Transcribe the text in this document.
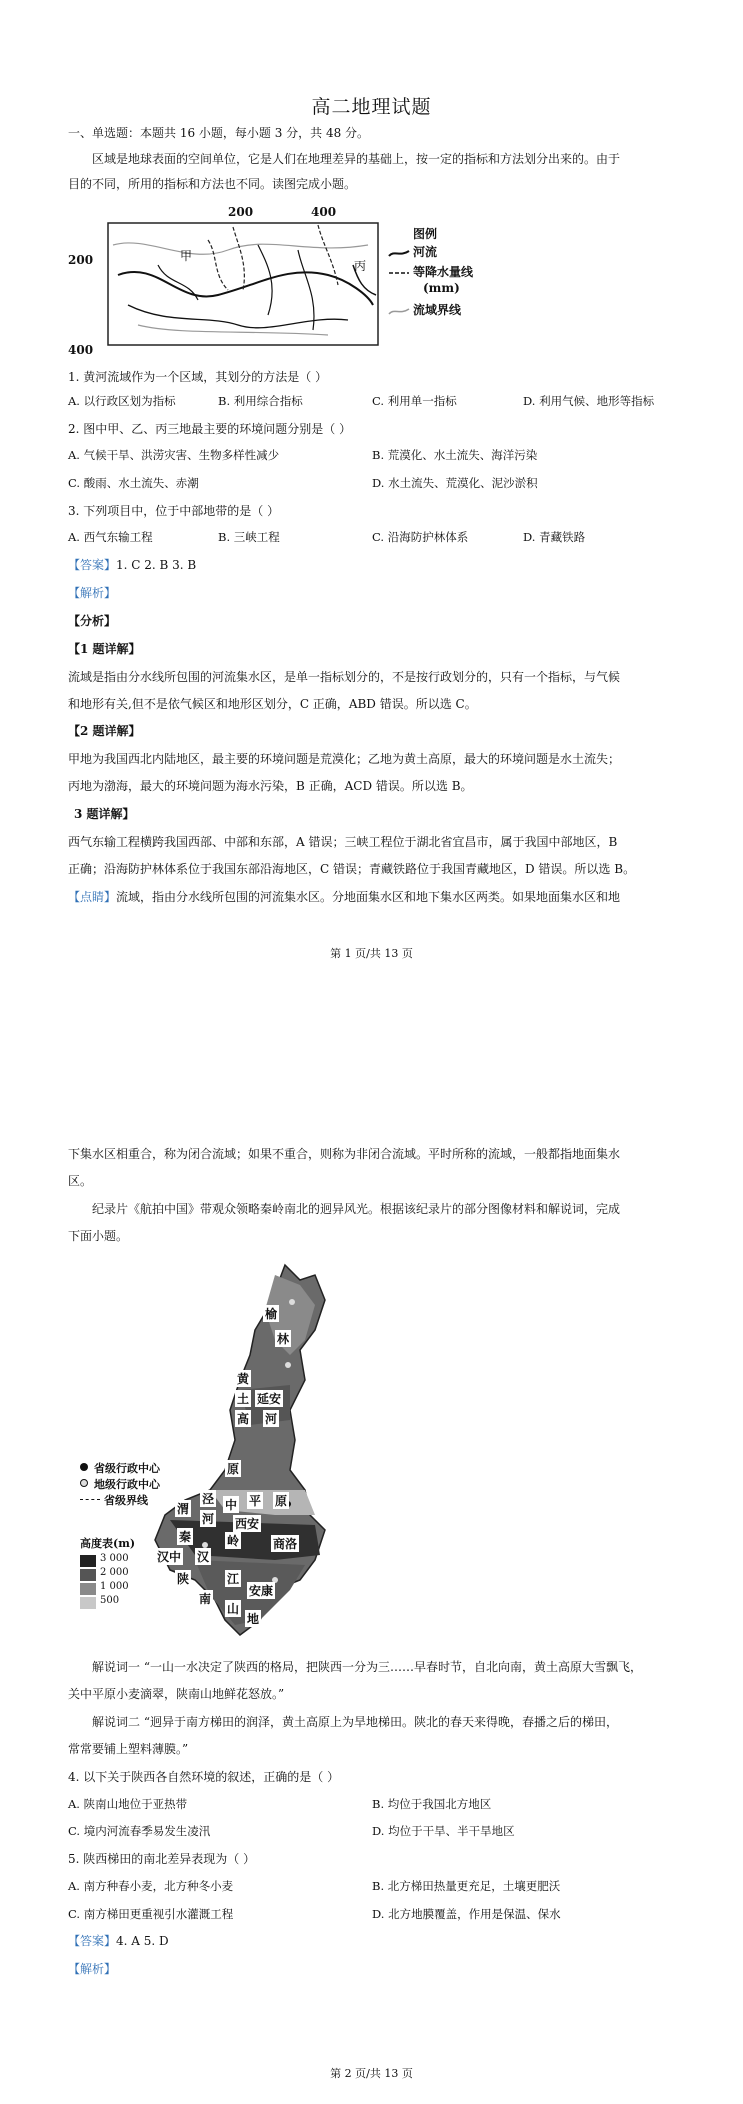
高二地理试题
一、单选题：本题共 16 小题，每小题 3 分，共 48 分。
区域是地球表面的空间单位，它是人们在地理差异的基础上，按一定的指标和方法划分出来的。由于
目的不同，所用的指标和方法也不同。读图完成小题。
200	400
200
400
甲
丙
图例
河流
等降水量线
(mm)
流域界线
1. 黄河流域作为一个区域，其划分的方法是（ ）
A. 以行政区划为指标	B. 利用综合指标	C. 利用单一指标	D. 利用气候、地形等指标
2. 图中甲、乙、丙三地最主要的环境问题分别是（ ）
A. 气候干旱、洪涝灾害、生物多样性减少	B. 荒漠化、水土流失、海洋污染
C. 酸雨、水土流失、赤潮	D. 水土流失、荒漠化、泥沙淤积
3. 下列项目中，位于中部地带的是（ ）
A. 西气东输工程	B. 三峡工程	C. 沿海防护林体系	D. 青藏铁路
【答案】1. C 2. B 3. B
【解析】
【分析】
【1 题详解】
流域是指由分水线所包围的河流集水区，是单一指标划分的，不是按行政划分的，只有一个指标，与气候
和地形有关,但不是依气候区和地形区划分，C 正确，ABD 错误。所以选 C。
【2 题详解】
甲地为我国西北内陆地区，最主要的环境问题是荒漠化；乙地为黄土高原，最大的环境问题是水土流失；
丙地为渤海，最大的环境问题为海水污染，B 正确，ACD 错误。所以选 B。
3 题详解】
西气东输工程横跨我国西部、中部和东部，A 错误；三峡工程位于湖北省宜昌市，属于我国中部地区，B
正确；沿海防护林体系位于我国东部沿海地区，C 错误；青藏铁路位于我国青藏地区，D 错误。所以选 B。
【点睛】流域，指由分水线所包围的河流集水区。分地面集水区和地下集水区两类。如果地面集水区和地
第 1 页/共 13 页
下集水区相重合，称为闭合流域；如果不重合，则称为非闭合流域。平时所称的流域，一般都指地面集水
区。
纪录片《航拍中国》带观众领略秦岭南北的迥异风光。根据该纪录片的部分图像材料和解说词，完成
下面小题。
榆
林
黄
延安
土
河
高
原
渭
泾 中 平 原
河 西安
秦	岭	商洛
汉中 汉
陕	江
南
安康
山
地
省级行政中心
地级行政中心
省级界线
高度表(m)
3 000
2 000
1 000
500
解说词一 “一山一水决定了陕西的格局，把陕西一分为三……早春时节，自北向南，黄土高原大雪飘飞，
关中平原小麦滴翠，陕南山地鲜花怒放。”
解说词二 “迥异于南方梯田的润泽，黄土高原上为旱地梯田。陕北的春天来得晚，春播之后的梯田，
常常要铺上塑料薄膜。”
4. 以下关于陕西各自然环境的叙述，正确的是（ ）
A. 陕南山地位于亚热带	B. 均位于我国北方地区
C. 境内河流春季易发生凌汛	D. 均位于干旱、半干旱地区
5. 陕西梯田的南北差异表现为（ ）
A. 南方种春小麦，北方种冬小麦	B. 北方梯田热量更充足，土壤更肥沃
C. 南方梯田更重视引水灌溉工程	D. 北方地膜覆盖，作用是保温、保水
【答案】4. A 5. D
【解析】
第 2 页/共 13 页
